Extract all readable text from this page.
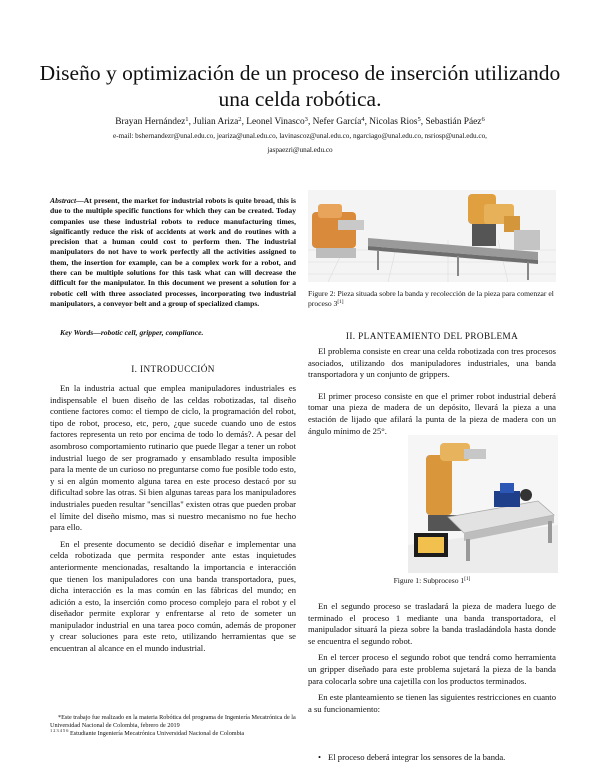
Diseño y optimización de un proceso de inserción utilizando una celda robótica.
Brayan Hernández$^1$, Julian Ariza$^2$, Leonel Vinasco$^3$, Nefer García$^4$, Nicolas Rios$^5$, Sebastián Páez$^6$
e-mail: bshernandezr@unal.edu.co, jeariza@unal.edu.co, lavinascoz@unal.edu.co, ngarciago@unal.edu.co, nsriosp@unal.edu.co,
jaspaezri@unal.edu.co
Abstract—At present, the market for industrial robots is quite broad, this is due to the multiple specific functions for which they can be created. Today companies use these industrial robots to reduce manufacturing times, significantly reduce the risk of accidents at work and do routines with a precision that a human could cost to perform then. The industrial manipulators do not have to work perfectly all the activities assigned to them, the insertion for example, can be a complex work for a robot, and there can be multiple solutions for this task what can will decrease the difficult for the manipulator. In this document we present a solution for a robotic cell with three associated processes, incorporating two industrial manipulators, a conveyor belt and a group of specialized clamps.
Key Words—robotic cell, gripper, compliance.
I. INTRODUCCIÓN

En la industria actual que emplea manipuladores industriales es indispensable el buen diseño de las celdas robotizadas, tal diseño contiene factores como: el tiempo de ciclo, la programación del robot, tipo de robot, proceso, etc, pero, ¿que sucede cuando uno de estos factores representa un reto por encima de todo lo demás?. A pesar del asombroso comportamiento rutinario que puede llegar a tener un robot industrial luego de ser programado y ensamblado resulta imposible para la mente de un curioso no preguntarse como fue posible todo esto, y si en algún momento alguna tarea en este proceso destacó por su dificultad sobre las otras. Si bien algunas tareas para los manipuladores industriales pueden resultar "sencillas" existen otras que pueden probar el límite del diseño mismo, mas si nuestro mecanismo no fue hecho para ello.

En el presente documento se decidió diseñar e implementar una celda robotizada que permita responder ante estas inquietudes anteriormente mencionadas, resaltando la importancia e interacción que tienen los manipuladores con una banda transportadora, pues, dicha interacción es la mas común en las fábricas del mundo; en adición a esto, la inserción como proceso complejo para el robot y el diseñador permite explorar y enfrentarse al reto de someter un manipulador industrial en una tarea poco común, además de proponer y crear soluciones para este reto, utilizando herramientas que se encuentran al alcance en el mundo industrial.

*Este trabajo fue realizado en la materia Robótica del programa de Ingeniería Mecatrónica de la Universidad Nacional de Colombia, febrero de 2019

$^{1 2 3 4 5 6}$ Estudiante Ingeniería Mecatrónica Universidad Nacional de Colombia

Figure 2: Pieza situada sobre la banda y recolección de la pieza para comenzar el proceso 3[1]
II. PLANTEAMIENTO DEL PROBLEMA

El problema consiste en crear una celda robotizada con tres procesos asociados, utilizando dos manipuladores industriales, una banda transportadora y un conjunto de grippers.

El primer proceso consiste en que el primer robot industrial deberá tomar una pieza de madera de un depósito, llevará la pieza a una estación de lijado que afilará la punta de la pieza de madera con un ángulo mínimo de 25°.

Figure 1: Subproceso 1[1]

En el segundo proceso se trasladará la pieza de madera luego de terminado el proceso 1 mediante una banda transportadora, el manipulador situará la pieza sobre la banda trasladándola hasta donde se encuentra el segundo robot.

En el tercer proceso el segundo robot que tendrá como herramienta un gripper diseñado para este problema sujetará la pieza de la banda para colocarla sobre una cajetilla con los productos terminados.

En este planteamiento se tienen las siguientes restricciones en cuanto a su funcionamiento:

• El proceso deberá integrar los sensores de la banda.
